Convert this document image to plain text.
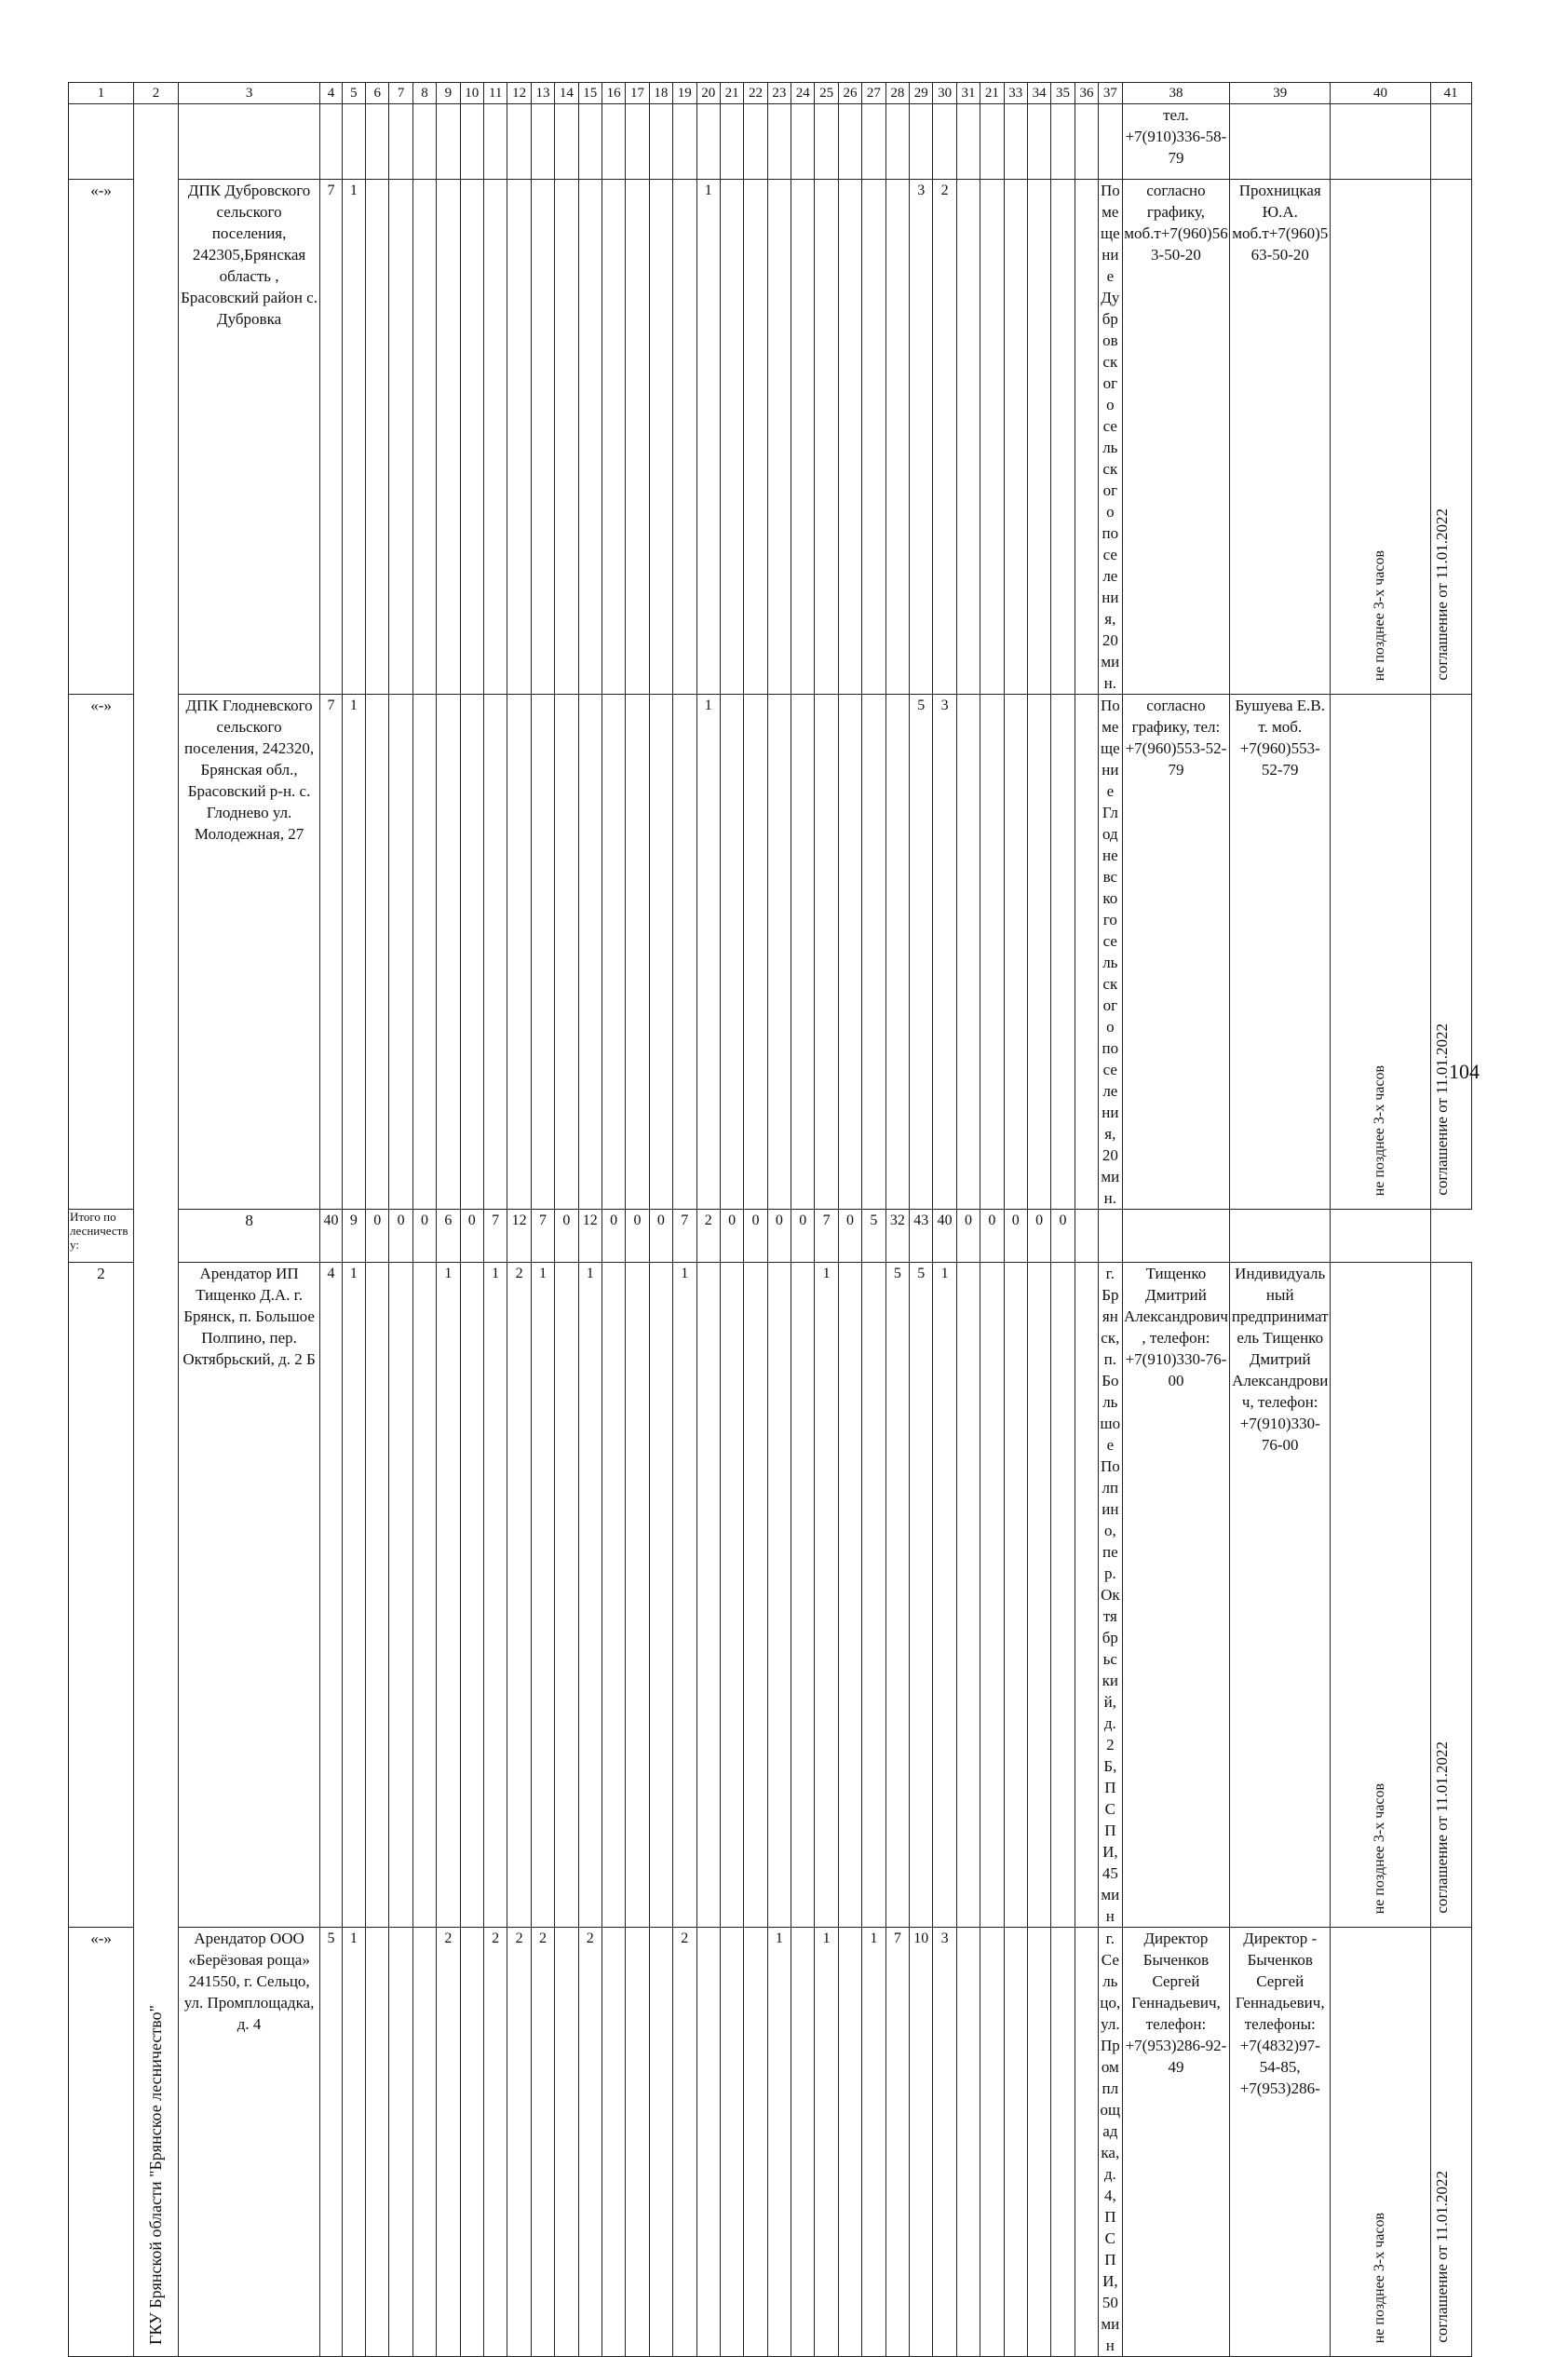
1	2	3	4	5	6	7	8	9	10	11	12	13	14	15	16	17	18	19	20	21	22	23	24	25	26	27	28	29	30	31	21	33	34	35	36	37	38	39	40	41
	ГКУ Брянской области "Брянское лесничество"																																				тел. +7(910)336-58-79			
«-»		ДПК Дубровского сельского поселения, 242305,Брянская область , Брасовский район с. Дубровка	7	1															1									3	2							Помещение Дубровского сельского поселения, 20 мин.	согласно графику, моб.т+7(960)563-50-20	Прохницкая Ю.А. моб.т+7(960)563-50-20	не позднее 3-х часов	соглашение от 11.01.2022
«-»		ДПК Глодневского сельского поселения, 242320, Брянская обл., Брасовский р-н. с. Глоднево ул. Молодежная, 27	7	1															1									5	3							Помещение Глодневского сельского поселения, 20 мин.	согласно графику, тел: +7(960)553-52-79	Бушуева Е.В. т. моб. +7(960)553-52-79	не позднее 3-х часов	соглашение от 11.01.2022
Итого по лесничеству:		8	40	9	0	0	0	6	0	7	12	7	0	12	0	0	0	7	2	0	0	0	0	7	0	5	32	43	40	0	0	0	0	0						
2		Арендатор ИП Тищенко Д.А. г. Брянск, п. Большое Полпино, пер. Октябрьский, д. 2 Б	4	1				1		1	2	1		1				1						1			5	5	1							г. Брянск, п. Большое Полпино, пер. Октябрьский, д. 2 Б, ПСПИ, 45 мин	Тищенко Дмитрий Александрович, телефон: +7(910)330-76-00	Индивидуальный предприниматель Тищенко Дмитрий Александрович, телефон: +7(910)330-76-00	не позднее 3-х часов	соглашение от 11.01.2022
«-»		Арендатор ООО «Берёзовая роща» 241550, г. Сельцо, ул. Промплощадка, д. 4	5	1				2		2	2	2		2				2				1		1		1	7	10	3							г. Сельцо, ул. Промплощадка, д. 4, ПСПИ, 50 мин	Директор Быченков Сергей Геннадьевич, телефон: +7(953)286-92-49	Директор - Быченков Сергей Геннадьевич, телефоны: +7(4832)97-54-85, +7(953)286-	не позднее 3-х часов	соглашение от 11.01.2022
104
